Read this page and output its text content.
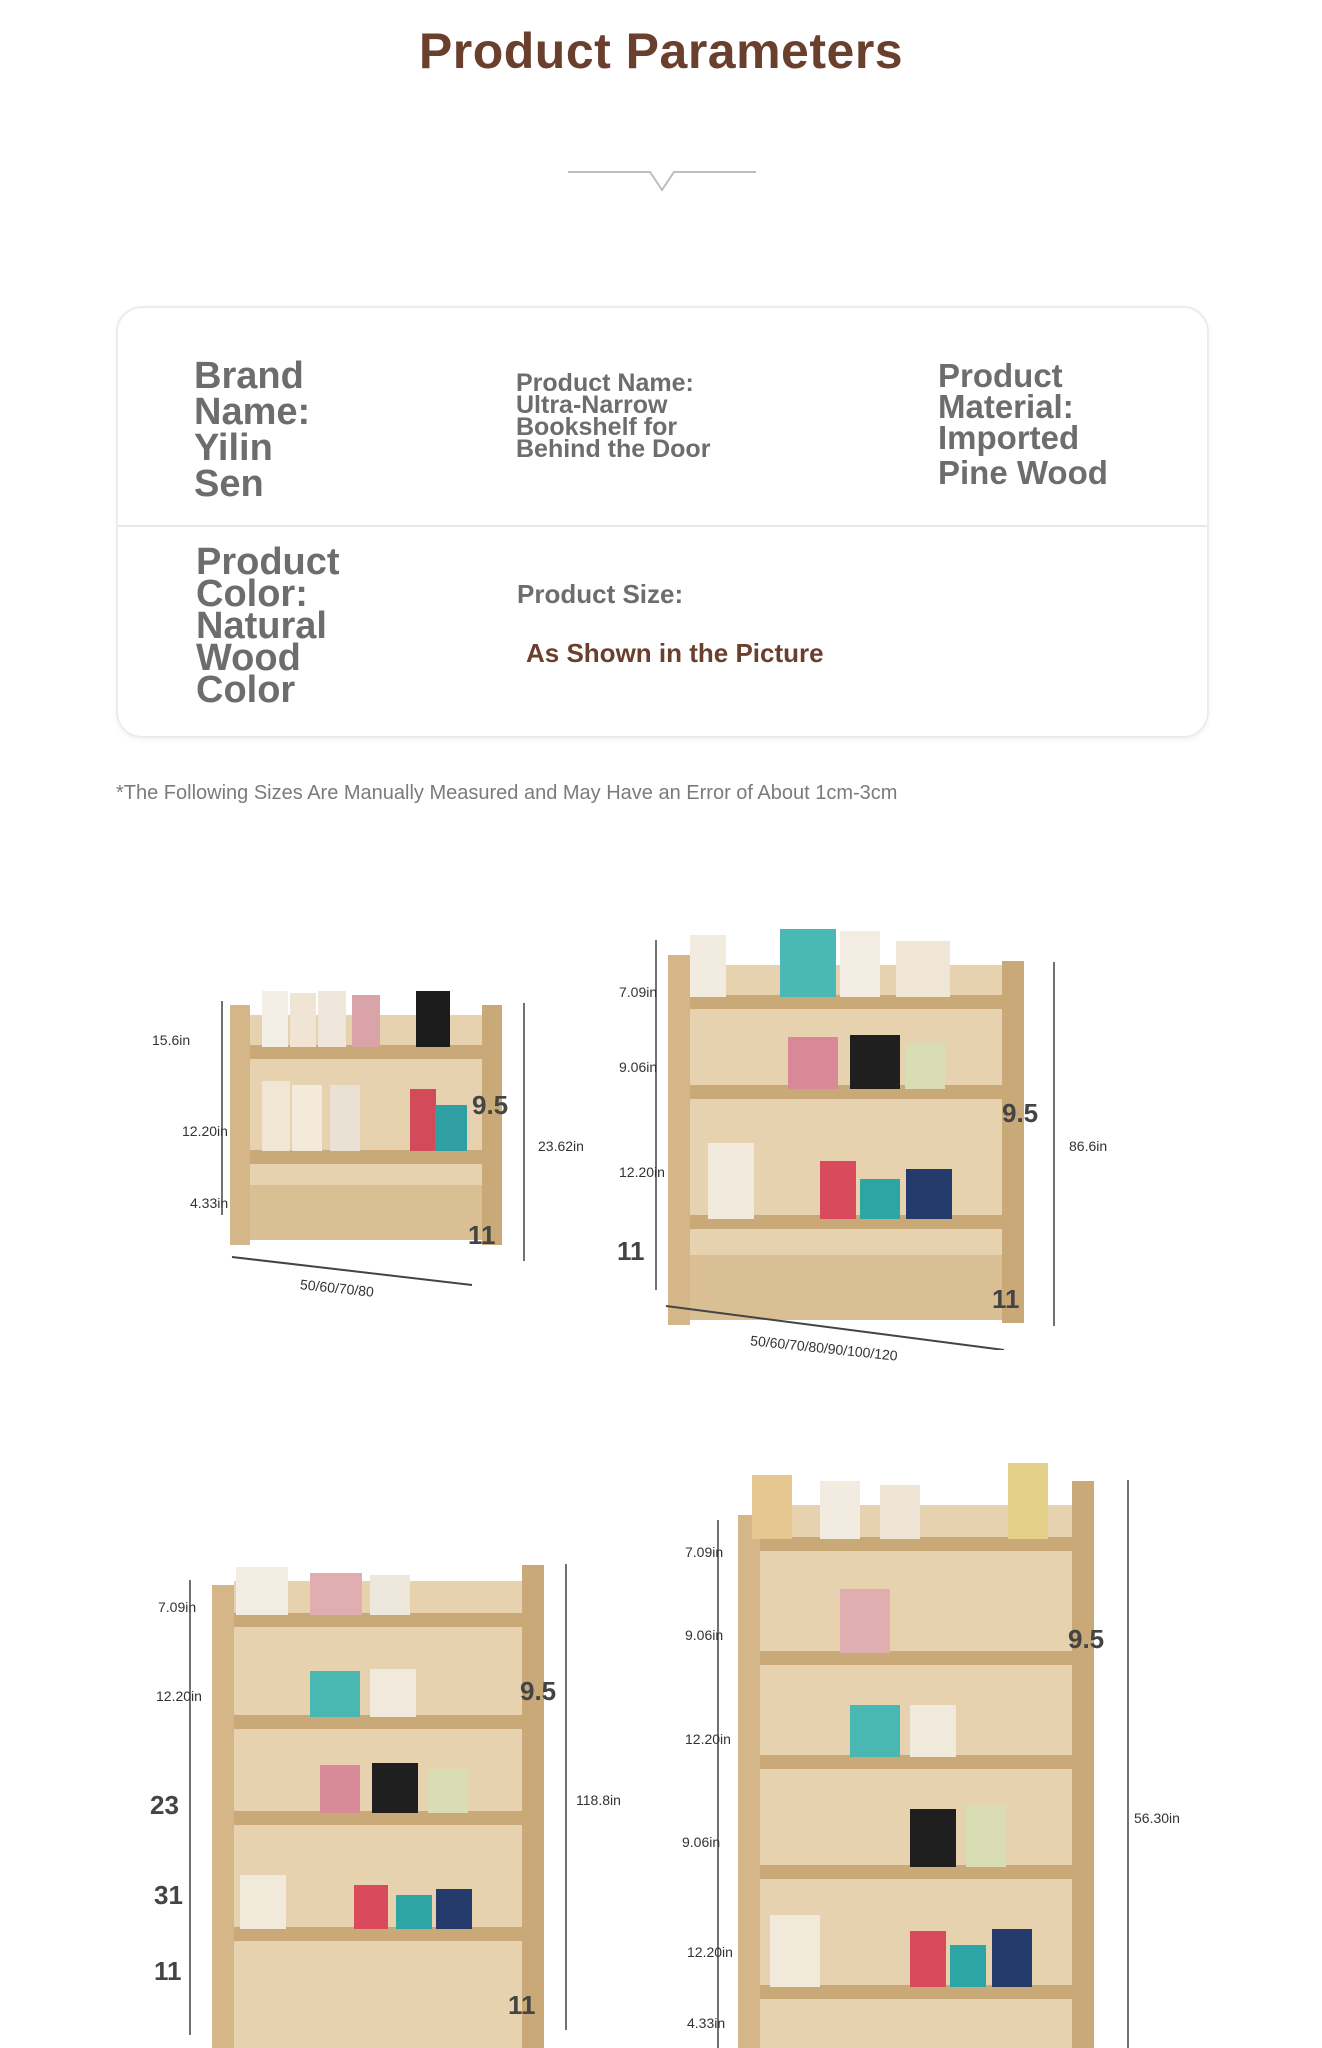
Product Parameters
Brand
Name:
Yilin
Sen
Product Name:
Ultra-Narrow
Bookshelf for
Behind the Door
Product
Material:
Imported
Pine Wood
Product
Color:
Natural
Wood
Color
Product Size:
As Shown in the Picture
*The Following Sizes Are Manually Measured and May Have an Error of About 1cm-3cm
15.6in
12.20in
4.33in
23.62in
50/60/70/80
9.5
11
7.09in
9.06in
12.20in
86.6in
50/60/70/80/90/100/120
9.5
11
11
7.09in
12.20in
118.8in
9.5
23
31
11
11
7.09in
9.06in
12.20in
9.06in
12.20in
4.33in
56.30in
9.5
